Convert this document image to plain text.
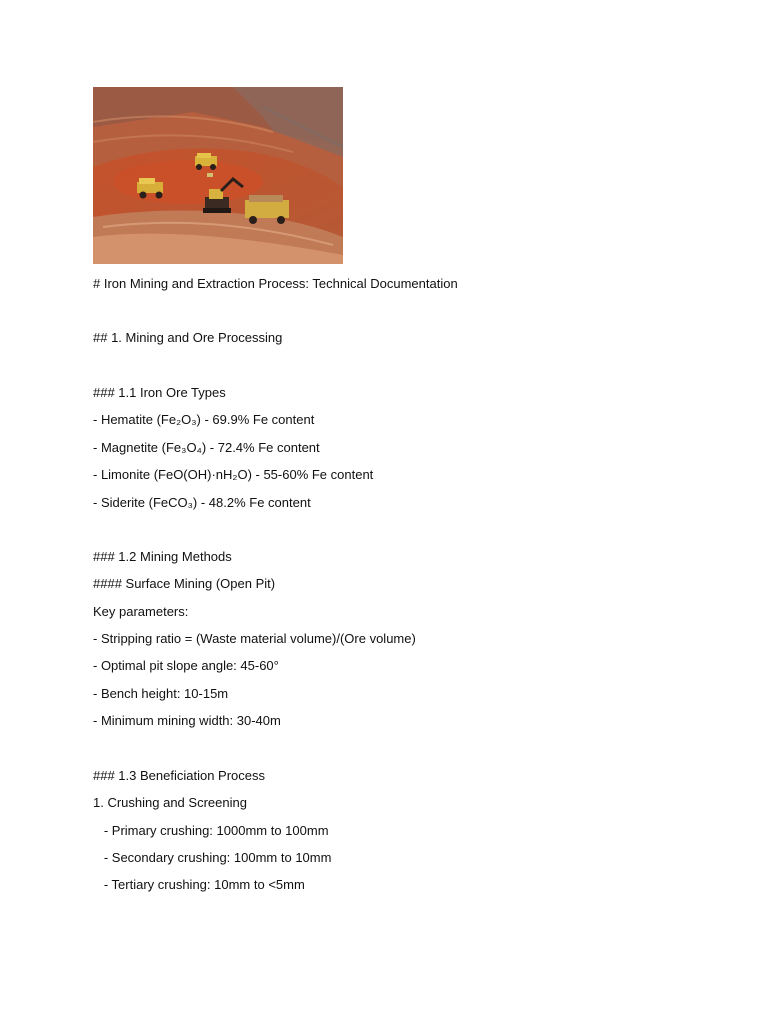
# Iron Mining and Extraction Process: Technical Documentation
## 1. Mining and Ore Processing
### 1.1 Iron Ore Types
- Hematite (Fe₂O₃) - 69.9% Fe content
- Magnetite (Fe₃O₄) - 72.4% Fe content
- Limonite (FeO(OH)·nH₂O) - 55-60% Fe content
- Siderite (FeCO₃) - 48.2% Fe content
### 1.2 Mining Methods
#### Surface Mining (Open Pit)
Key parameters:
- Stripping ratio = (Waste material volume)/(Ore volume)
- Optimal pit slope angle: 45-60°
- Bench height: 10-15m
- Minimum mining width: 30-40m
### 1.3 Beneficiation Process
1. Crushing and Screening
- Primary crushing: 1000mm to 100mm
- Secondary crushing: 100mm to 10mm
- Tertiary crushing: 10mm to <5mm
